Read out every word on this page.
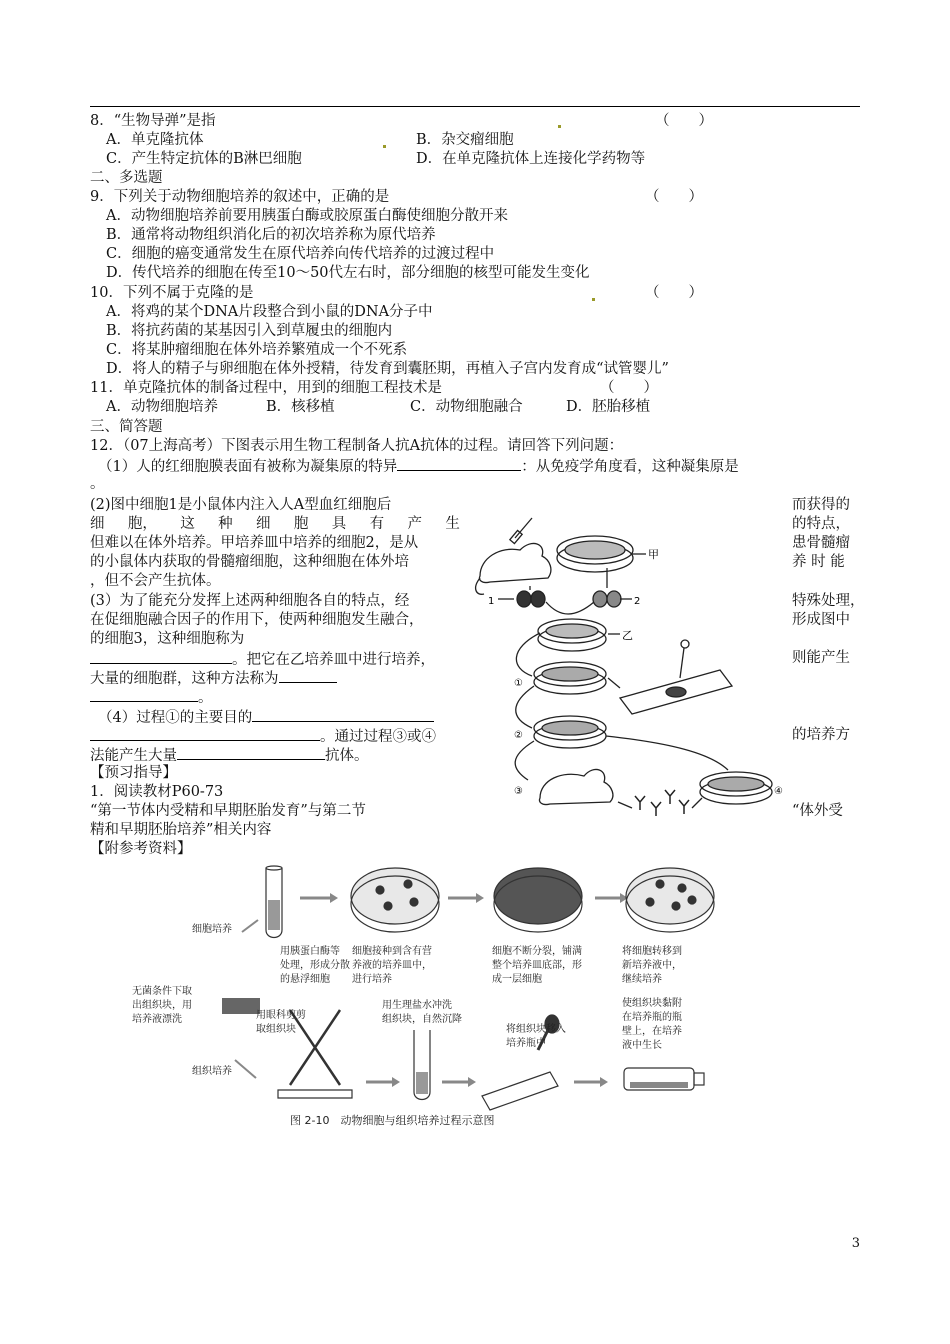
8．“生物导弹”是指	（　　）
A．单克隆抗体	B．杂交瘤细胞
C．产生特定抗体的B淋巴细胞	D．在单克隆抗体上连接化学药物等
二、多选题
9．下列关于动物细胞培养的叙述中，正确的是	（　　）
A．动物细胞培养前要用胰蛋白酶或胶原蛋白酶使细胞分散开来
B．通常将动物组织消化后的初次培养称为原代培养
C．细胞的癌变通常发生在原代培养向传代培养的过渡过程中
D．传代培养的细胞在传至10～50代左右时，部分细胞的核型可能发生变化
10．下列不属于克隆的是	（　　）
A．将鸡的某个DNA片段整合到小鼠的DNA分子中
B．将抗药菌的某基因引入到草履虫的细胞内
C．将某肿瘤细胞在体外培养繁殖成一个不死系
D．将人的精子与卵细胞在体外授精，待发育到囊胚期，再植入子宫内发育成“试管婴儿”
11．单克隆抗体的制备过程中，用到的细胞工程技术是	（　　）
A．动物细胞培养	B．核移植	C．动物细胞融合	D．胚胎移植
三、简答题
12．（07上海高考）下图表示用生物工程制备人抗A抗体的过程。请回答下列问题：
（1）人的红细胞膜表面有被称为凝集原的特异	：从免疫学角度看，这种凝集原是
。
(2)图中细胞1是小鼠体内注入人A型血红细胞后	而获得的
细 胞， 这 种 细 胞 具 有 产 生	的特点，
但难以在体外培养。甲培养皿中培养的细胞2，是从	患骨髓瘤
的小鼠体内获取的骨髓瘤细胞，这种细胞在体外培	养 时 能
，但不会产生抗体。
(3）为了能充分发挥上述两种细胞各自的特点，经	特殊处理，
在促细胞融合因子的作用下，使两种细胞发生融合，	形成图中
的细胞3，这种细胞称为
。把它在乙培养皿中进行培养，	则能产生
大量的细胞群，这种方法称为
。
（4）过程①的主要目的
。通过过程③或④	的培养方
法能产生大量	抗体。
【预习指导】
1．阅读教材P60-73
“第一节体内受精和早期胚胎发育”与第二节	“体外受
精和早期胚胎培养”相关内容
【附参考资料】
甲
乙
1	2
①
②
③	④
细胞培养
组织培养
用胰蛋白酶等
处理，形成分散
的悬浮细胞
细胞接种到含有营
养液的培养皿中，
进行培养
细胞不断分裂，铺满
整个培养皿底部，形
成一层细胞
将细胞转移到
新培养液中，
继续培养
无菌条件下取
出组织块，用
培养液漂洗	用眼科剪剪
取组织块
用生理盐水冲洗
组织块，自然沉降
将组织块移入
培养瓶中
使组织块黏附
在培养瓶的瓶
壁上，在培养
液中生长
图 2-10　动物细胞与组织培养过程示意图
3
